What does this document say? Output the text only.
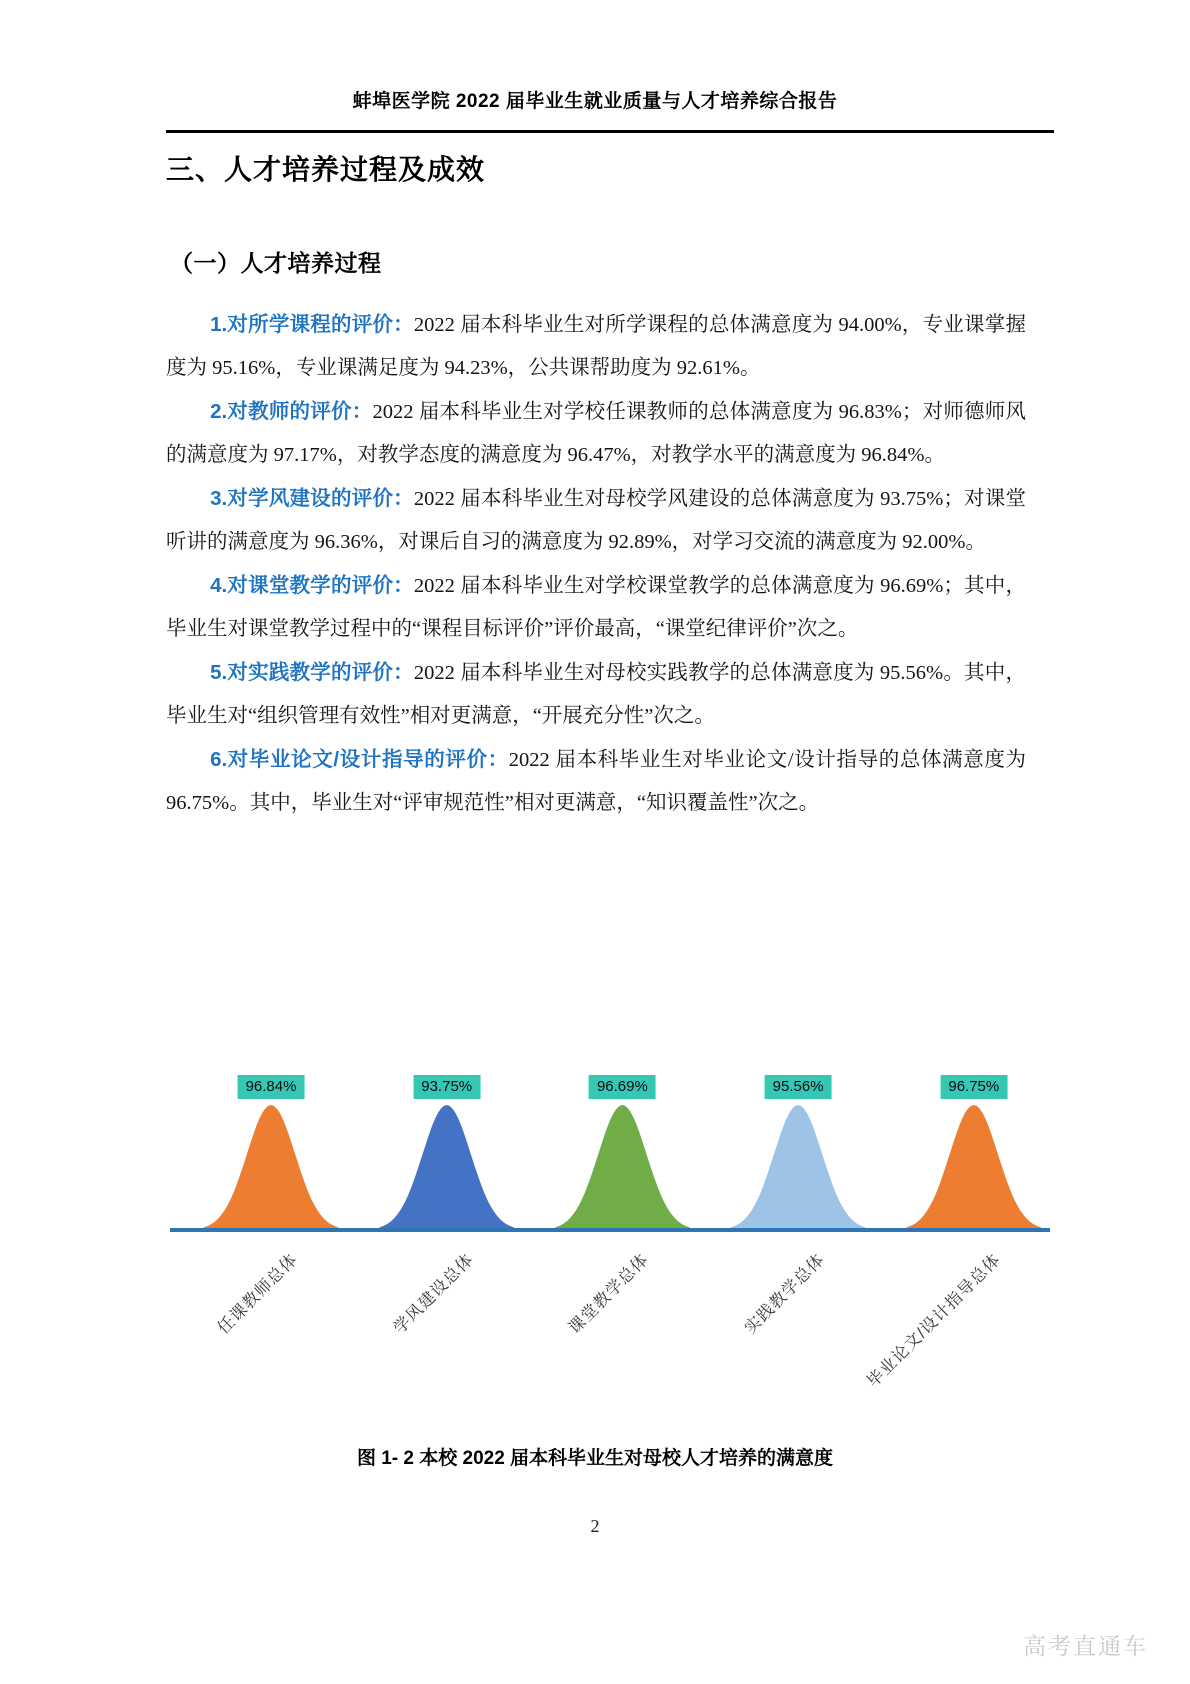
蚌埠医学院 2022 届毕业生就业质量与人才培养综合报告
三、人才培养过程及成效
（一）人才培养过程

1.对所学课程的评价：2022 届本科毕业生对所学课程的总体满意度为 94.00%，专业课掌握度为 95.16%，专业课满足度为 94.23%，公共课帮助度为 92.61%。

2.对教师的评价：2022 届本科毕业生对学校任课教师的总体满意度为 96.83%；对师德师风的满意度为 97.17%，对教学态度的满意度为 96.47%，对教学水平的满意度为 96.84%。

3.对学风建设的评价：2022 届本科毕业生对母校学风建设的总体满意度为 93.75%；对课堂听讲的满意度为 96.36%，对课后自习的满意度为 92.89%，对学习交流的满意度为 92.00%。

4.对课堂教学的评价：2022 届本科毕业生对学校课堂教学的总体满意度为 96.69%；其中，毕业生对课堂教学过程中的“课程目标评价”评价最高，“课堂纪律评价”次之。

5.对实践教学的评价：2022 届本科毕业生对母校实践教学的总体满意度为 95.56%。其中，毕业生对“组织管理有效性”相对更满意，“开展充分性”次之。

6.对毕业论文/设计指导的评价：2022 届本科毕业生对毕业论文/设计指导的总体满意度为 96.75%。其中，毕业生对“评审规范性”相对更满意，“知识覆盖性”次之。

96.84%	93.75%	96.69%	95.56%	96.75%
任课教师总体	学风建设总体	课堂教学总体	实践教学总体 毕业论文/设计指导总体
图 1- 2 本校 2022 届本科毕业生对母校人才培养的满意度
2
高考直通车
